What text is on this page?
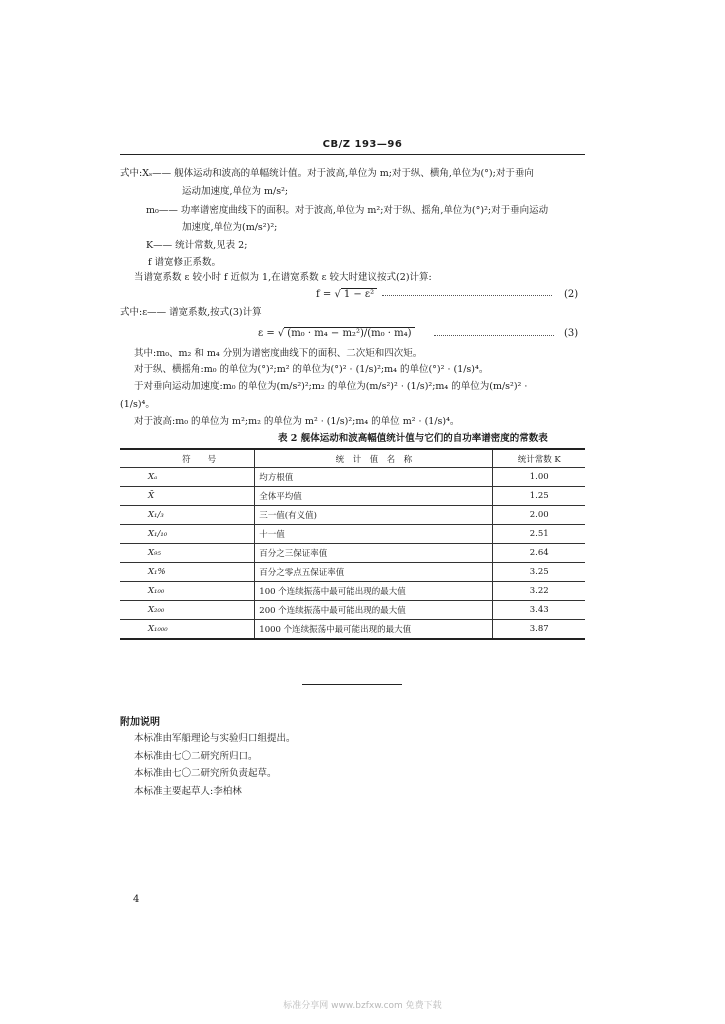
CB/Z 193—96
式中:Xₛ—— 舰体运动和波高的单幅统计值。对于波高,单位为 m;对于纵、横角,单位为(°);对于垂向
运动加速度,单位为 m/s²;
m₀—— 功率谱密度曲线下的面积。对于波高,单位为 m²;对于纵、摇角,单位为(°)²;对于垂向运动
加速度,单位为(m/s²)²;
K—— 统计常数,见表 2;
f 谱宽修正系数。
当谱宽系数 ε 较小时 f 近似为 1,在谱宽系数 ε 较大时建议按式(2)计算:
f = √ 1 − ε²	(2)
式中:ε—— 谱宽系数,按式(3)计算
ε = √ (m₀ · m₄ − m₂²)/(m₀ · m₄)	(3)
其中:m₀、m₂ 和 m₄ 分别为谱密度曲线下的面积、二次矩和四次矩。
对于纵、横摇角:m₀ 的单位为(°)²;m² 的单位为(°)² · (1/s)²;m₄ 的单位(°)² · (1/s)⁴。
于对垂向运动加速度:m₀ 的单位为(m/s²)²;m₂ 的单位为(m/s²)² · (1/s)²;m₄ 的单位为(m/s²)² ·
(1/s)⁴。
对于波高:m₀ 的单位为 m²;m₂ 的单位为 m² · (1/s)²;m₄ 的单位 m² · (1/s)⁴。
表 2 舰体运动和波高幅值统计值与它们的自功率谱密度的常数表
符　　号	统　计　值　名　称	统计常数 K
Xₐ	均方根值	1.00
X̄	全体平均值	1.25
X₁/₃	三一值(有义值)	2.00
X₁/₁₀	十一值	2.51
X₉₅	百分之三保证率值	2.64
X₁%	百分之零点五保证率值	3.25
X₁₀₀	100 个连续振荡中最可能出现的最大值	3.22
X₂₀₀	200 个连续振荡中最可能出现的最大值	3.43
X₁₀₀₀	1000 个连续振荡中最可能出现的最大值	3.87
附加说明
本标准由军船理论与实验归口组提出。
本标准由七〇二研究所归口。
本标准由七〇二研究所负责起草。
本标准主要起草人:李柏林
4
标准分享网 www.bzfxw.com 免费下载
